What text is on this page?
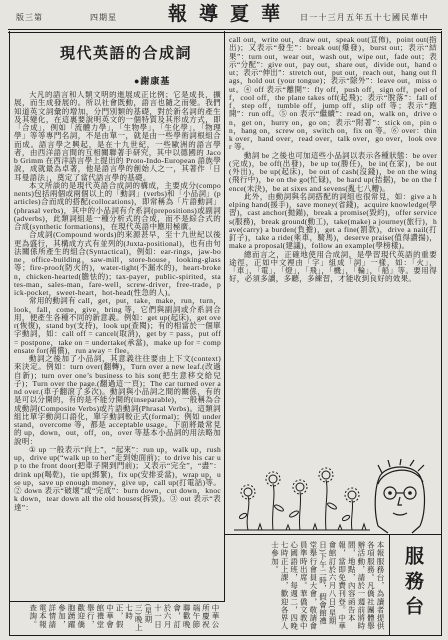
版三第	四期星	報導夏華 日一十三月五年五十七國民華中
現代英語的合成詞
●謝康基

大凡的語言和人類文明的進展成正比例；它是成長，擴展，而生成發展的。所以社會既動，語言也隨之而變。我們知道英文詞彙的增加，分門別類的基礎，對於新名詞的產生及其變化，在這裏要說明英文的一個特質及其形成方式，即「合成」，例如「流體力學」，「生物學」，「生化學」，「物理學」等等專門名詞，不是由單一，就是由一些學術詞根組合而成。語言學之興起，是在十九世紀，一些歐洲的語言學者，由西洋語言間的互相關聯著手研究，其中以德國的 Jacob Grimm 在西洋語言學上提出的 Proto-Indo-European 語族學說，成就最為卓著，他是語言學的創始人之一，其著作「日耳曼語法」，奠定了當代語言學的基礎。

本文所談的是現代英語合成詞的構成，主要成分(components)包括兩個或兩個以上的「動詞」(verbs)和「小品詞」(particles)合而成的搭配(collocations)，即常稱為「片語動詞」(phrasal verbs)，其中的小品詞有介系詞(prepositions)或副詞(adverbs)，此類詞組是一種分析式的合成，而不是綜合式的合成(synthetic formations)，在現代英語中應用極廣。

合成詞(Compound words)的來源甚早，至十九世紀以後更為盛行，其構成方式有並列的(Juxta-positional)，也有由句法關係所產生的組合(Syntactical)，例如：ear-rings，jaw-bone，office-building，saw-mill，store-house，looking-glass 等；fire-proof(防火的)，water-tight(不漏水的)，heart-broken，chicken-hearted(膽怯的)；tax-payer，public-spirited，states-man，sales-man，fare-well，screw-driver，free-trade，pick-pocket，sweet-heart，hot-head(性急的人)。

常用的動詞有 call，get，put，take，make，run，turn，look，fall，come，give，bring 等，它們與副詞或介系詞合用，便產生各種不同的新意義。例如：get up(起床)，get over(恢復)，stand by(支持)，look up(查閱)；有的相當於一個單字動詞，如：call off = cancel(取消)，get by = pass，put off = postpone，take on = undertake(承當)，make up for = compensate for(補償)，run away = flee。

動詞之後加了小品詞，其意義往往要由上下文(context)來決定。例如：turn over(翻轉)，Turn over a new leaf.(改過自新)；turn over one’s business to his son(把生意移交給兒子)；Turn over the page.(翻過這一頁)；The car turned over and over.(車子翻滾了多次)。動詞與小品詞之間的關係，有的是可以分開的，有的是不能分開的(inseparable)，一般稱為合成動詞(Composite Verbs)或片語動詞(Phrasal Verbs)。這類詞組比單字動詞口語化，單字動詞較正式(formal)；例如 understand，overcome 等，都是 acceptable usage。下面將最常見的 up，down，out，off，on，over 等基本小品詞的用法略加說明：

① up 一般表示“向上”，“起來”：run up，walk up，rush up，drive up(“walk up to her”走到她面前)；to drive his car up to the front door(把車子開到門前)；又表示“完全”，“盡”：drink up(喝乾)，tie up(綁緊)，fix up(安排妥當)，wrap up，use up，save up enough money，give up，call up(打電話)等。② down 表示“破壞”或“完成”：burn down，cut down，knock down，tear down all the old houses(拆毀)。③ out 表示“表達”：

call out，write out，draw out，speak out(宣佈)，point out(指出)；又表示“發生”：break out(爆發)，burst out；表示“結果”：turn out，wear out，wash out，wipe out，fade out；表示“分配”：give out，pay out，share out，divide out，hand out；表示“伸出”：stretch out，put out，reach out，hang out flags，hold out (your tongue)；表示“除外”：leave out，miss out。④ off 表示“離開”：fly off，push off，sign off，peel off，cool off，the plane takes off(起飛)；表示“脫落”：fall off，step off，tumble off，jump off，slip off 等；表示“跑開”：run off。⑤ on 表示“繼續”：read on，walk on，drive on，get on，hurry on，go on；表示“附著”：stick on，pin on，hang on，screw on，switch on，fix on 等。⑥ over：think over，hand over，read over，talk over，go over，look over 等。

動詞 be 之後也可加這些小品詞以表示各種狀態：be over(完成)，be off(出發)，be up to(勝任)，be in(在家)，be out(外出)，be up(起床)，be out of cash(沒錢)，be on the wing(飛行中)，be on the go(忙碌)，be hard up(拮据)，be on the fence(未決)，be at sixes and sevens(亂七八糟)。

此外，由動詞與名詞搭配的詞組也很常見，如：give a helping hand(援手)，save money(省錢)，acquire knowledge(學習)，cast anchor(拋錨)，break a promise(毀約)，offer services(服務)，break ground(動工)，take(make) a journey(旅行)，have(carry) a burden(負擔)，get a fine(罰款)，drive a nail(打釘子)，take a ride(乘車，騎馬)，deserve praise(值得讚揚)，make a proposal(建議)，follow an example(學榜樣)。

總而言之，正確地使用合成詞，是學習現代英語的重要途徑，正如中文裡由「字」組成「詞」一樣，如：「火」，「車」，「電」，「燈」，「飛」，「機」，「輪」，「船」等。要用得好，必須多讀，多聽，多練習，才能收到良好的效果。

服務台
本報服務台，為讀者提供各項服務。凡僑社團體舉辦活動，請於一週前將時間，地點，內容函告本報，當即免費刊登。中華會館訂於六月八日(星期日)下午二時，假會館禮堂舉行會員大會，敬請會員準時出席。華僑文教中心國語班，每週二，四晚七時正上課，歡迎各界人士參加。
中華公所慶祝端午節聯歡晚會，訂於六月十一日(星期三)晚上七時正，假中華會館禮堂舉行，歡迎僑胞踴躍參加，詳情請電本報查詢。
